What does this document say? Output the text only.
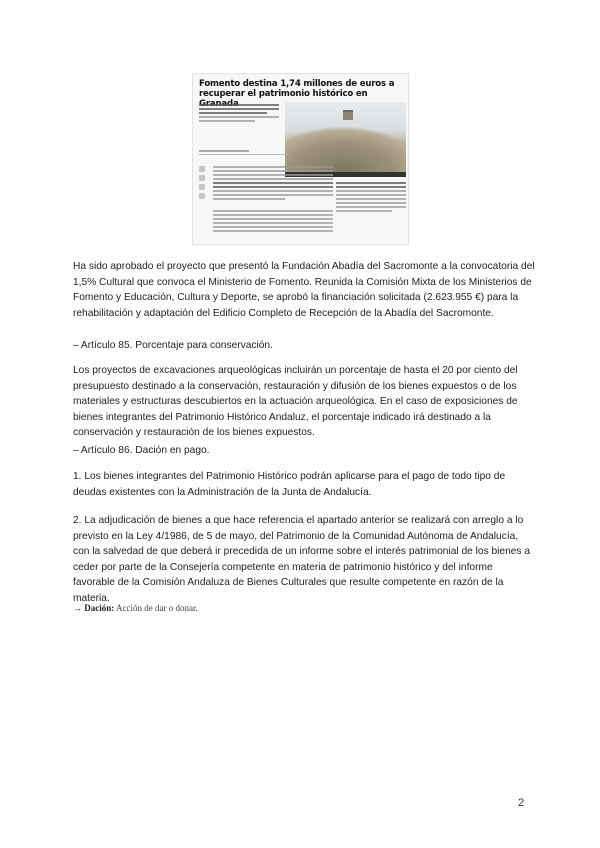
Fomento destina 1,74 millones de euros a
recuperar el patrimonio histórico en

Ha sido aprobado el proyecto que presentó la Fundación Abadía del Sacromonte a la convocatoria del 1,5% Cultural que convoca el Ministerio de Fomento. Reunida la Comisión Mixta de los Ministerios de Fomento y Educación, Cultura y Deporte, se aprobó la financiación solicitada (2.623.955 €) para la rehabilitación y adaptación del Edificio Completo de Recepción de la Abadía del Sacromonte.

– Artículo 85. Porcentaje para conservación.

Los proyectos de excavaciones arqueológicas incluirán un porcentaje de hasta el 20 por ciento del presupuesto destinado a la conservación, restauración y difusión de los bienes expuestos o de los materiales y estructuras descubiertos en la actuación arqueológica. En el caso de exposiciones de bienes integrantes del Patrimonio Histórico Andaluz, el porcentaje indicado irá destinado a la conservación y restauración de los bienes expuestos.

– Artículo 86. Dación en pago.

1. Los bienes integrantes del Patrimonio Histórico podrán aplicarse para el pago de todo tipo de deudas existentes con la Administración de la Junta de Andalucía.

2. La adjudicación de bienes a que hace referencia el apartado anterior se realizará con arreglo a lo previsto en la Ley 4/1986, de 5 de mayo, del Patrimonio de la Comunidad Autónoma de Andalucía, con la salvedad de que deberá ir precedida de un informe sobre el interés patrimonial de los bienes a ceder por parte de la Consejería competente en materia de patrimonio histórico y del informe favorable de la Comisión Andaluza de Bienes Culturales que resulte competente en razón de la materia.

→ Dación: Acción de dar o donar.

2
